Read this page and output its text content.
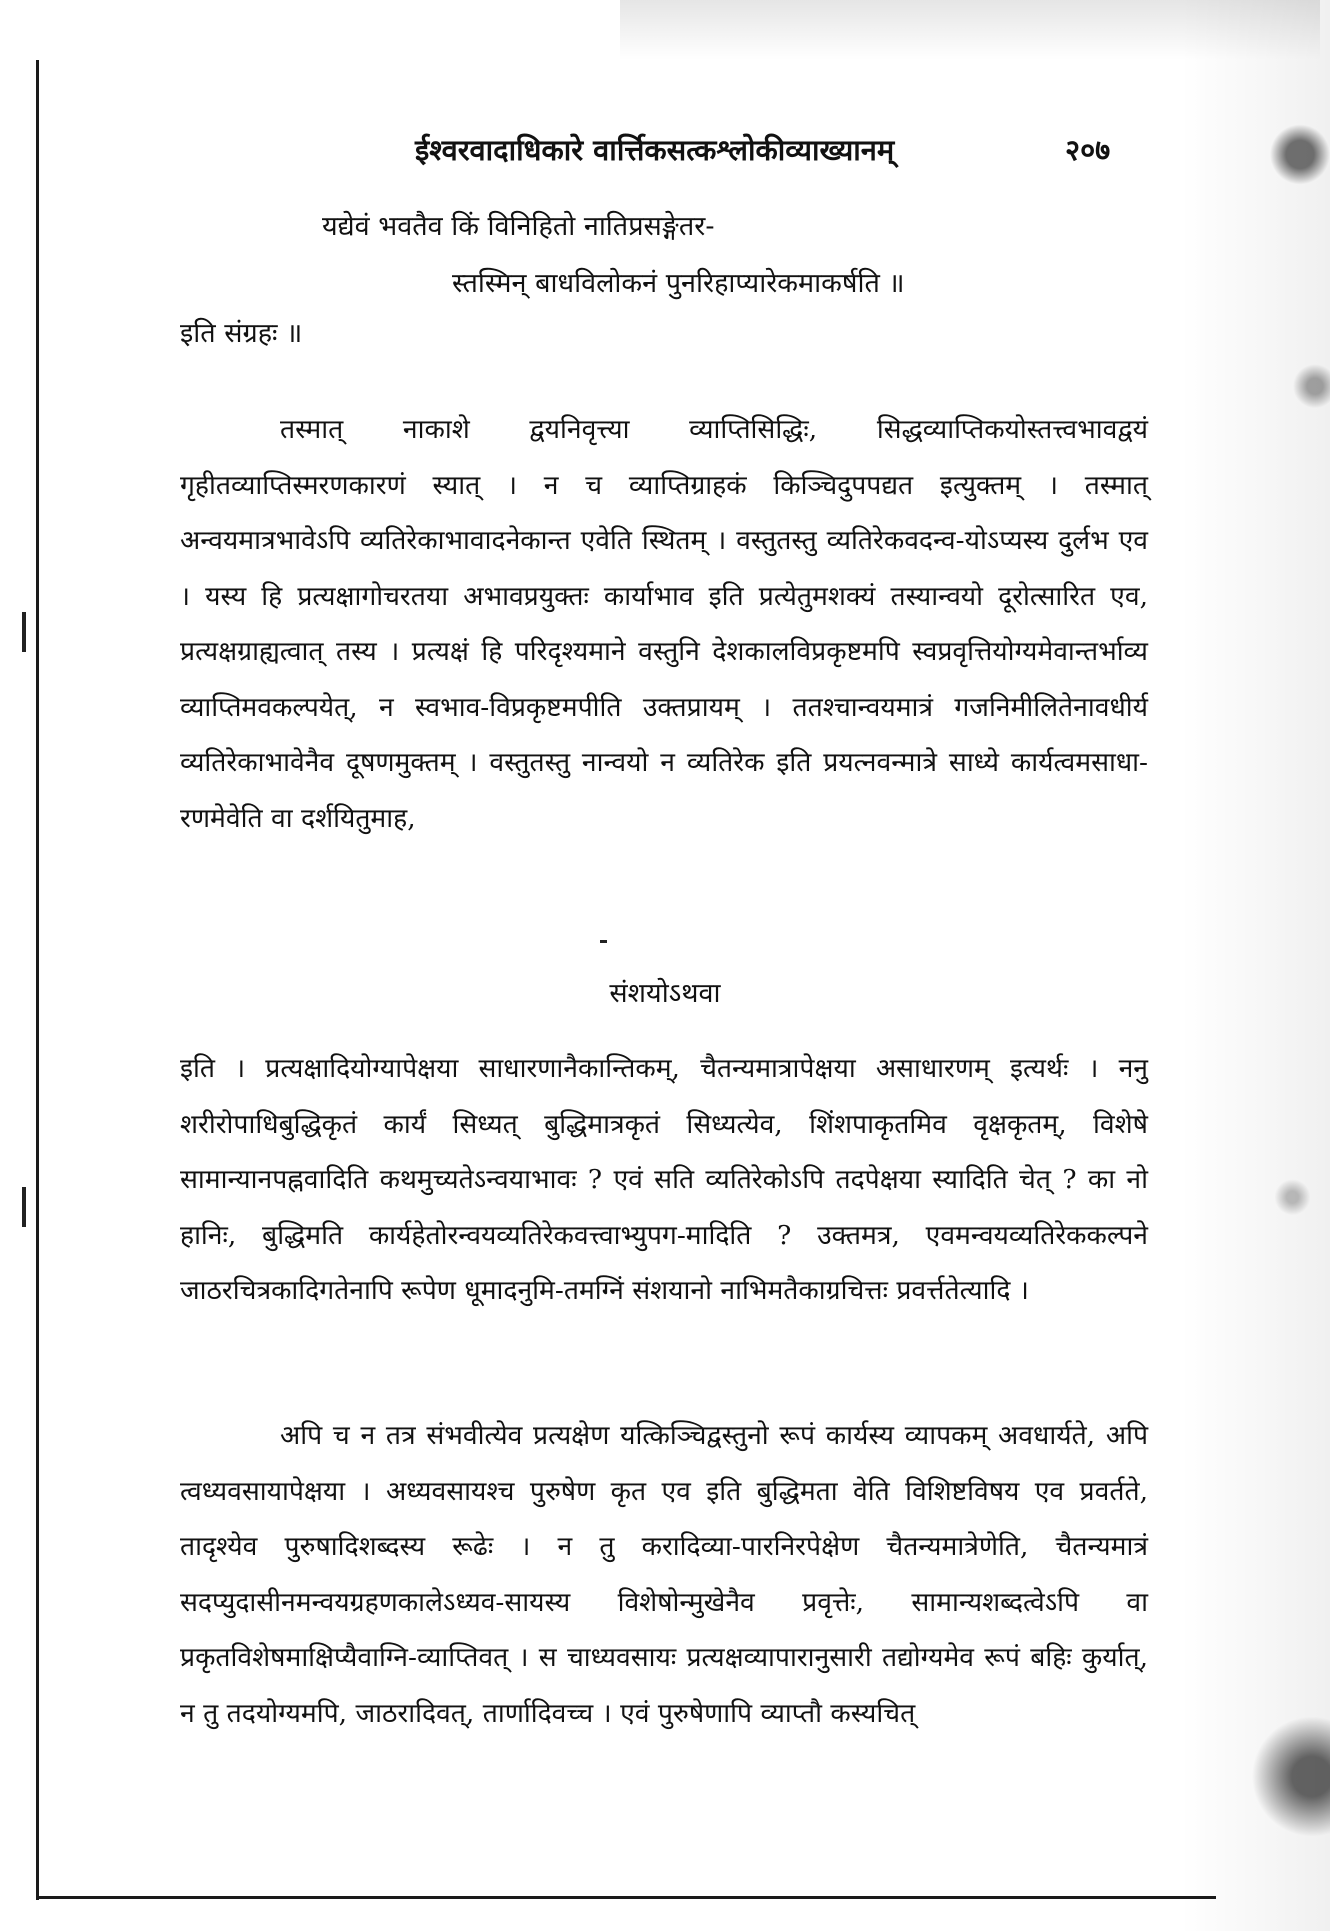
ईश्वरवादाधिकारे वार्त्तिकसत्कश्लोकीव्याख्यानम्	२०७
यद्येवं भवतैव किं विनिहितो नातिप्रसङ्गेतर-
स्तस्मिन् बाधविलोकनं पुनरिहाप्यारेकमाकर्षति ॥
इति संग्रहः ॥
तस्मात् नाकाशे द्वयनिवृत्त्या व्याप्तिसिद्धिः, सिद्धव्याप्तिकयोस्तत्त्वभावद्वयं गृहीतव्याप्तिस्मरणकारणं स्यात् । न च व्याप्तिग्राहकं किञ्चिदुपपद्यत इत्युक्तम् । तस्मात् अन्वयमात्रभावेऽपि व्यतिरेकाभावादनेकान्त एवेति स्थितम् । वस्तुतस्तु व्यतिरेकवदन्व-योऽप्यस्य दुर्लभ एव । यस्य हि प्रत्यक्षागोचरतया अभावप्रयुक्तः कार्याभाव इति प्रत्येतुमशक्यं तस्यान्वयो दूरोत्सारित एव, प्रत्यक्षग्राह्यत्वात् तस्य । प्रत्यक्षं हि परिदृश्यमाने वस्तुनि देशकालविप्रकृष्टमपि स्वप्रवृत्तियोग्यमेवान्तर्भाव्य व्याप्तिमवकल्पयेत्, न स्वभाव-विप्रकृष्टमपीति उक्तप्रायम् । ततश्चान्वयमात्रं गजनिमीलितेनावधीर्य व्यतिरेकाभावेनैव दूषणमुक्तम् । वस्तुतस्तु नान्वयो न व्यतिरेक इति प्रयत्नवन्मात्रे साध्ये कार्यत्वमसाधा-रणमेवेति वा दर्शयितुमाह,
संशयोऽथवा
इति । प्रत्यक्षादियोग्यापेक्षया साधारणानैकान्तिकम्, चैतन्यमात्रापेक्षया असाधारणम् इत्यर्थः । ननु शरीरोपाधिबुद्धिकृतं कार्यं सिध्यत् बुद्धिमात्रकृतं सिध्यत्येव, शिंशपाकृतमिव वृक्षकृतम्, विशेषे सामान्यानपह्नवादिति कथमुच्यतेऽन्वयाभावः ? एवं सति व्यतिरेकोऽपि तदपेक्षया स्यादिति चेत् ? का नो हानिः, बुद्धिमति कार्यहेतोरन्वयव्यतिरेकवत्त्वाभ्युपग-मादिति ? उक्तमत्र, एवमन्वयव्यतिरेककल्पने जाठरचित्रकादिगतेनापि रूपेण धूमादनुमि-तमग्निं संशयानो नाभिमतैकाग्रचित्तः प्रवर्त्ततेत्यादि ।
अपि च न तत्र संभवीत्येव प्रत्यक्षेण यत्किञ्चिद्वस्तुनो रूपं कार्यस्य व्यापकम् अवधार्यते, अपि त्वध्यवसायापेक्षया । अध्यवसायश्च पुरुषेण कृत एव इति बुद्धिमता वेति विशिष्टविषय एव प्रवर्तते, तादृश्येव पुरुषादिशब्दस्य रूढेः । न तु करादिव्या-पारनिरपेक्षेण चैतन्यमात्रेणेति, चैतन्यमात्रं सदप्युदासीनमन्वयग्रहणकालेऽध्यव-सायस्य विशेषोन्मुखेनैव प्रवृत्तेः, सामान्यशब्दत्वेऽपि वा प्रकृतविशेषमाक्षिप्यैवाग्नि-व्याप्तिवत् । स चाध्यवसायः प्रत्यक्षव्यापारानुसारी तद्योग्यमेव रूपं बहिः कुर्यात्, न तु तदयोग्यमपि, जाठरादिवत्, तार्णादिवच्च । एवं पुरुषेणापि व्याप्तौ कस्यचित्
